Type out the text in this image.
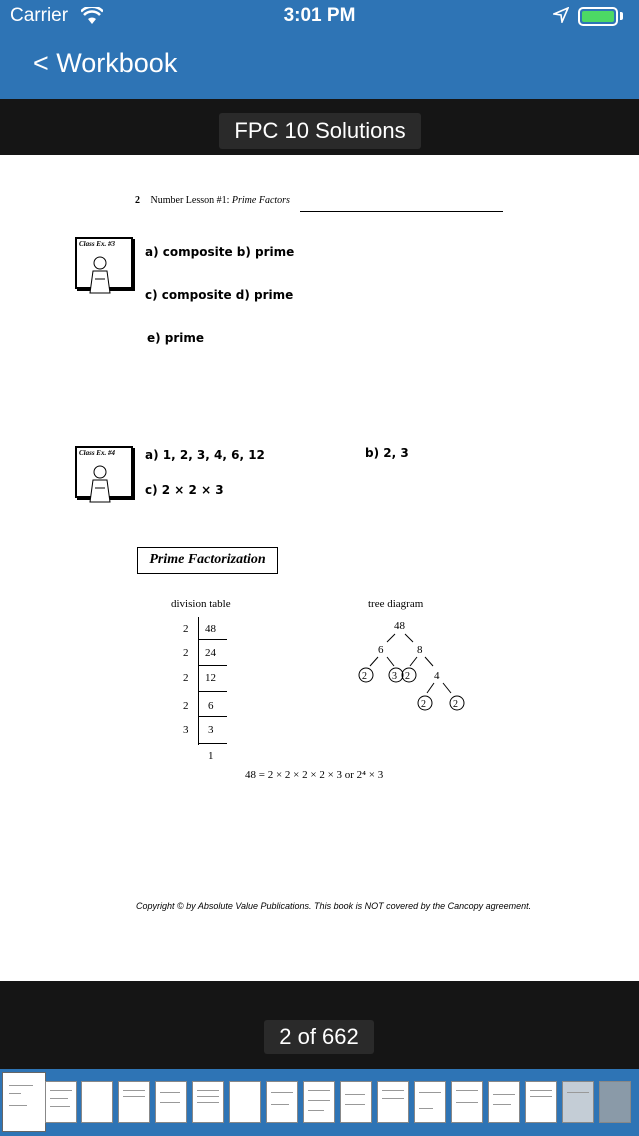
Carrier	3:01 PM
< Workbook
FPC 10 Solutions
2 Number Lesson #1: Prime Factors
Class Ex. #3
a) composite b) prime
c) composite d) prime
e) prime
Class Ex. #4	a) 1, 2, 3, 4, 6, 12	b) 2, 3
c) 2 × 2 × 3
Prime Factorization
division table	tree diagram
2 48
2 24
2 12
2 6
3 3
1
48
6	8
2	3 2 4
2	2
48 = 2 × 2 × 2 × 2 × 3 or 2⁴ × 3
Copyright © by Absolute Value Publications. This book is NOT covered by the Cancopy agreement.
2 of 662
